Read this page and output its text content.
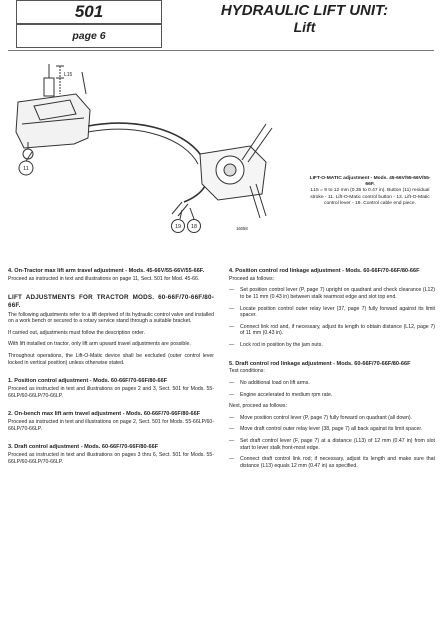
501
page 6
HYDRAULIC LIFT UNIT:
Lift
L15
11
19 18	16058
LIFT-O-MATIC adjustment - Mods. 45-66V/55-66V/55-66F.
L15 = 9 to 12 mm (0.35 to 0.47 in). Button (11) residual stroke - 11. Lift-O-Matic control button - 13. Lift-O-Matic control lever - 19. Control cable end piece.
4. On-Tractor max lift arm travel adjustment - Mods. 45-66V/55-66V/55-66F.

Proceed as instructed in text and illustrations on page 11, Sect. 501 for Mod. 45-66.

LIFT ADJUSTMENTS FOR TRACTOR MODS. 60-66F/70-66F/80-66F.

The following adjustments refer to a lift deprived of its hydraulic control valve and installed on a work bench or secured to a rotary service stand through a suitable bracket.

If carried out, adjustments must follow the description order.

With lift installed on tractor, only lift arm upward travel adjustments are possible.

Throughout operations, the Lift-O-Matic device shall be excluded (outer control lever locked in vertical position) unless otherwise stated.

1. Position control adjustment - Mods. 60-66F/70-66F/80-66F

Proceed as instructed in text and illustrations on pages 2 and 3, Sect. 501 for Mods. 55-66LP/60-66LP/70-66LP.

2. On-bench max lift arm travel adjustment - Mods. 60-66F/70-66F/80-66F

Proceed as instructed in text and illustrations on page 2, Sect. 501 for Mods. 55-66LP/60-66LP/70-66LP.

3. Draft control adjustment - Mods. 60-66F/70-66F/80-66F

Proceed as instructed in text and illustrations on pages 3 thru 6, Sect. 501 for Mods. 55-66LP/60-66LP/70-66LP.

4. Position control rod linkage adjustment - Mods. 60-66F/70-66F/80-66F

Proceed as follows:

— Set position control lever (P, page 7) upright on quadrant and check clearance (L12) to be 11 mm (0.43 in) between stalk rearmost edge and slot top end.
— Locate position control outer relay lever (37, page 7) fully forward against its limit spacer.
— Connect link rod and, if necessary, adjust its length to obtain distance (L12, page 7) of 11 mm (0.43 in).
— Lock rod in position by the jam nuts.
5. Draft control rod linkage adjustment - Mods. 60-66F/70-66F/80-66F

Test conditions:

— No additional load on lift arms.
— Engine accelerated to medium rpm rate.

Next, proceed as follows:

— Move position control lever (P, page 7) fully forward on quadrant (all down).
— Move draft control outer relay lever (38, page 7) all back against its limit spacer.
— Set draft control lever (F, page 7) at a distance (L13) of 12 mm (0.47 in) from slot start to lever stalk front-most edge.
— Connect draft control link rod; if necessary, adjust its length and make sure that distance (L13) equals 12 mm (0.47 in) as specified.
